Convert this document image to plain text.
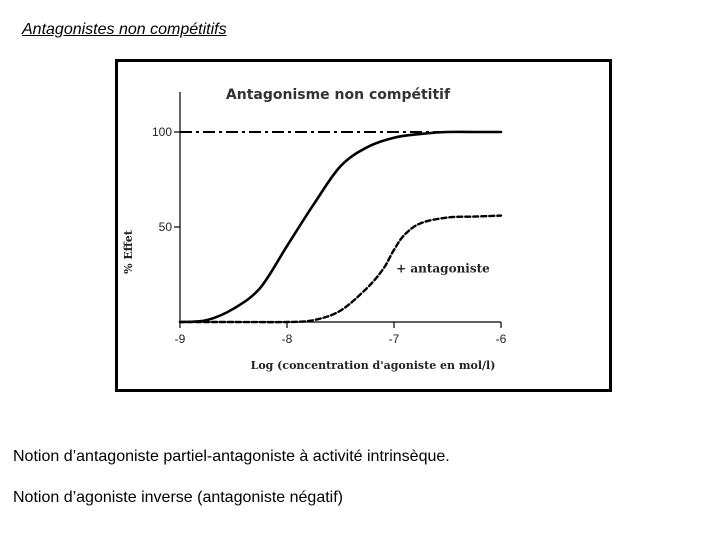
Antagonistes non compétitifs
Antagonisme non compétitif
-9	-8	-7	-6
50
100
+ antagoniste
Log (concentration d'agoniste en mol/l)
% Effet
Notion d’antagoniste partiel-antagoniste à activité intrinsèque.
Notion d’agoniste inverse (antagoniste négatif)
